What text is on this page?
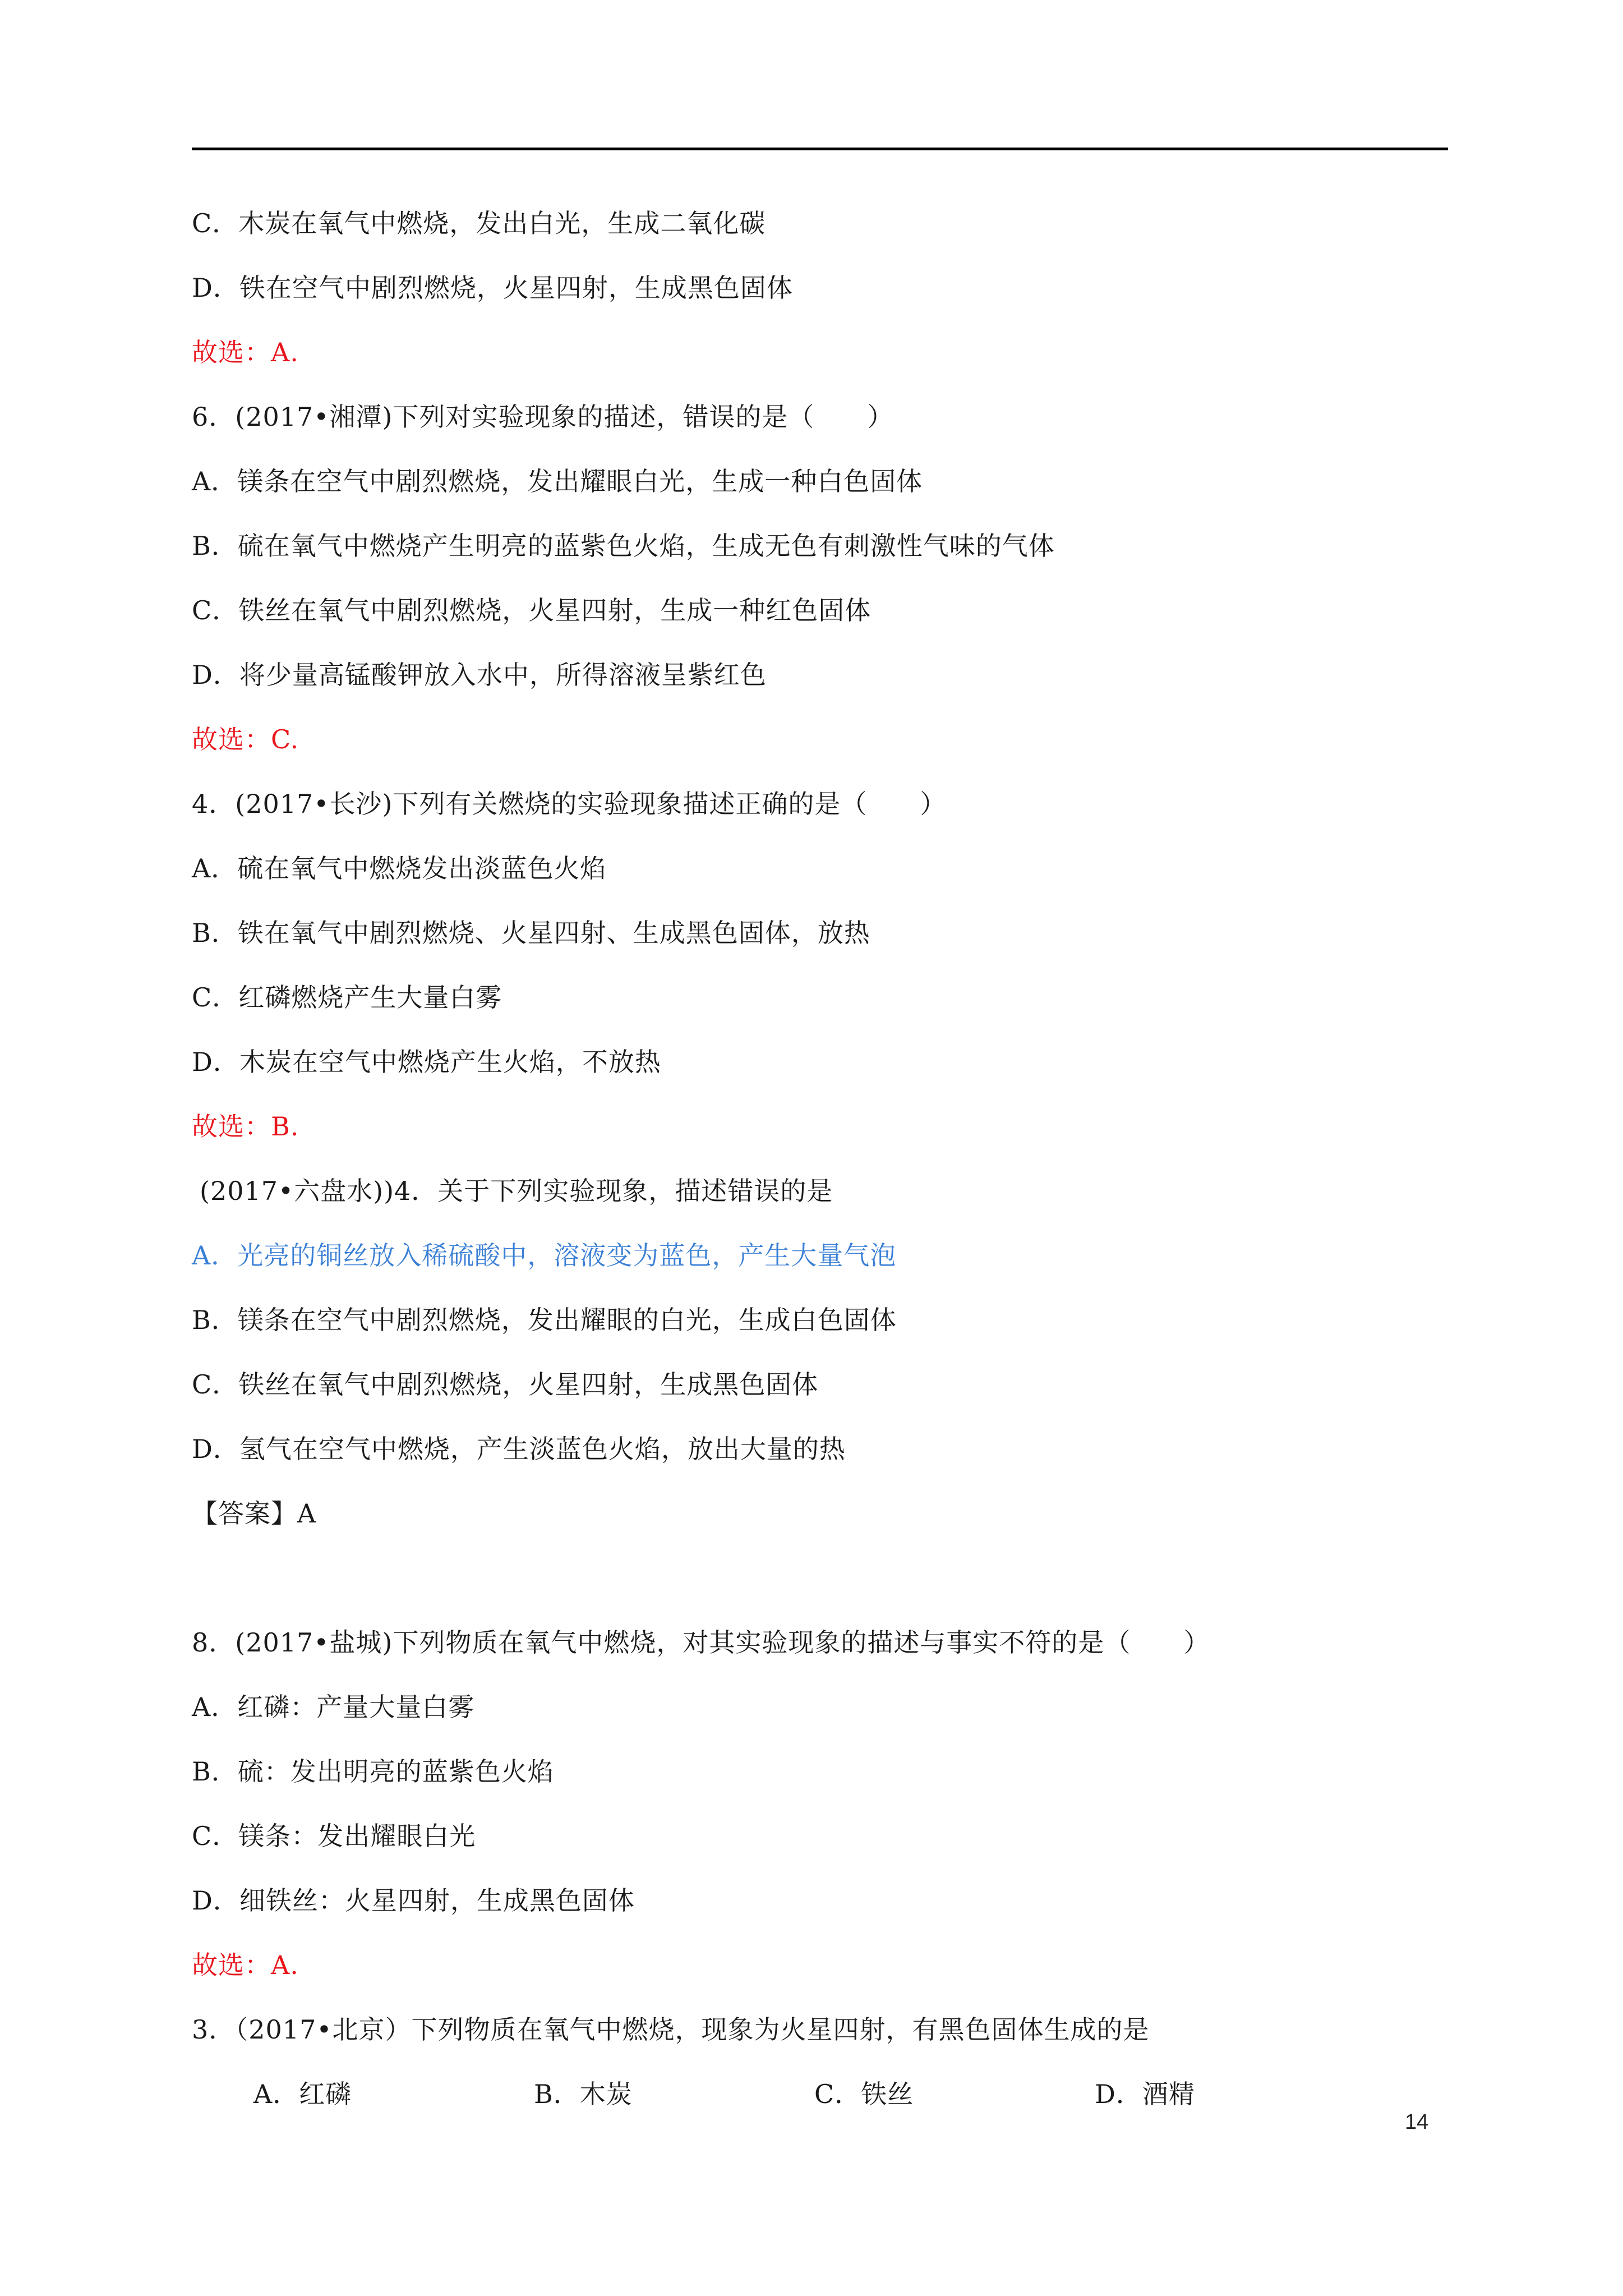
C．木炭在氧气中燃烧，发出白光，生成二氧化碳
D．铁在空气中剧烈燃烧，火星四射，生成黑色固体
故选：A.
6．(2017•湘潭)下列对实验现象的描述，错误的是（　　）
A．镁条在空气中剧烈燃烧，发出耀眼白光，生成一种白色固体
B．硫在氧气中燃烧产生明亮的蓝紫色火焰，生成无色有刺激性气味的气体
C．铁丝在氧气中剧烈燃烧，火星四射，生成一种红色固体
D．将少量高锰酸钾放入水中，所得溶液呈紫红色
故选：C.
4．(2017•长沙)下列有关燃烧的实验现象描述正确的是（　　）
A．硫在氧气中燃烧发出淡蓝色火焰
B．铁在氧气中剧烈燃烧、火星四射、生成黑色固体，放热
C．红磷燃烧产生大量白雾
D．木炭在空气中燃烧产生火焰，不放热
故选：B.
(2017•六盘水))4．关于下列实验现象，描述错误的是
A．光亮的铜丝放入稀硫酸中，溶液变为蓝色，产生大量气泡
B．镁条在空气中剧烈燃烧，发出耀眼的白光，生成白色固体
C．铁丝在氧气中剧烈燃烧，火星四射，生成黑色固体
D．氢气在空气中燃烧，产生淡蓝色火焰，放出大量的热
【答案】A
8．(2017•盐城)下列物质在氧气中燃烧，对其实验现象的描述与事实不符的是（　　）
A．红磷：产量大量白雾
B．硫：发出明亮的蓝紫色火焰
C．镁条：发出耀眼白光
D．细铁丝：火星四射，生成黑色固体
故选：A.
3．（2017•北京）下列物质在氧气中燃烧，现象为火星四射，有黑色固体生成的是
A．红磷	B．木炭	C．铁丝	D．酒精
14
